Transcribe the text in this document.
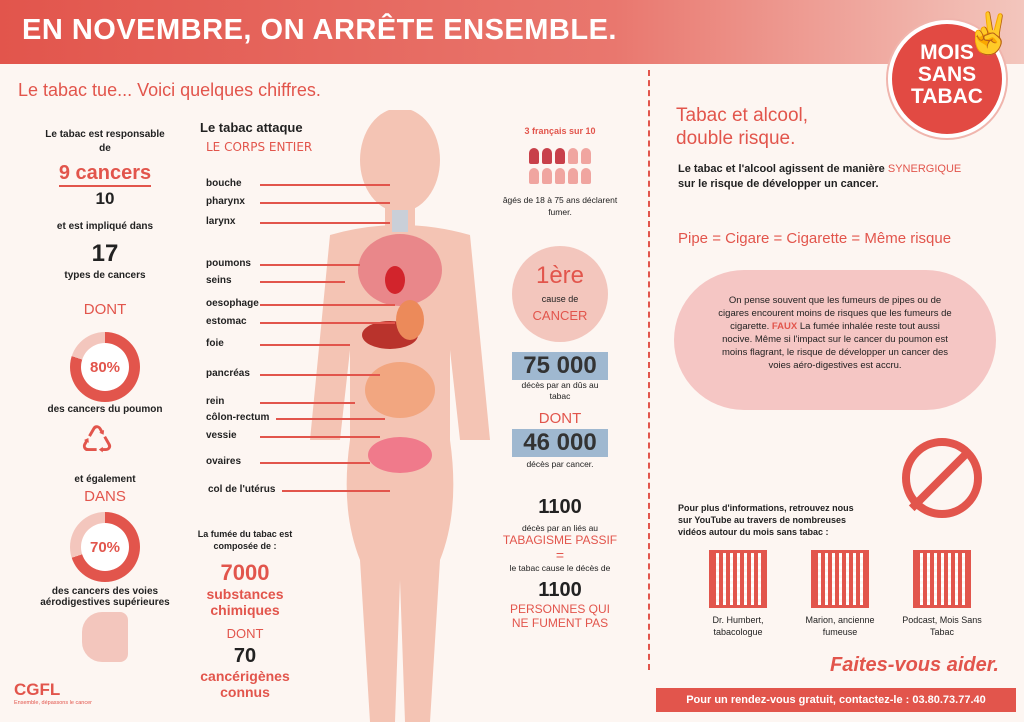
EN NOVEMBRE, ON ARRÊTE ENSEMBLE.
MOIS
SANS
TABAC
✌
Le tabac tue... Voici quelques chiffres.
Le tabac est responsable de
9 cancers
10
et est impliqué dans
17
types de cancers
DONT
80%
des cancers du poumon
♺
et également
DANS
70%
des cancers des voies aérodigestives supérieures
Le tabac attaque
LE CORPS ENTIER
bouche
pharynx
larynx
poumons
seins
oesophage
estomac
foie
pancréas
rein
côlon-rectum
vessie
ovaires
col de l'utérus
La fumée du tabac est composée de :
7000
substances chimiques
DONT
70
cancérigènes connus
3 français sur 10
âgés de 18 à 75 ans déclarent fumer.
1ère
cause de
CANCER
75 000
décès par an dûs au tabac
DONT
46 000
décès par cancer.
1100
décès par an liés au
TABAGISME PASSIF
=
le tabac cause le décès de
1100
PERSONNES QUI NE FUMENT PAS
Tabac et alcool,
double risque.
Le tabac et l'alcool agissent de manière SYNERGIQUE sur le risque de développer un cancer.
Pipe = Cigare = Cigarette = Même risque
On pense souvent que les fumeurs de pipes ou de cigares encourent moins de risques que les fumeurs de cigarette. FAUX La fumée inhalée reste tout aussi nocive. Même si l'impact sur le cancer du poumon est moins flagrant, le risque de développer un cancer des voies aéro-digestives est accru.
Pour plus d'informations, retrouvez nous sur YouTube au travers de nombreuses vidéos autour du mois sans tabac :
Dr. Humbert, tabacologue
Marion, ancienne fumeuse
Podcast, Mois Sans Tabac
Faites-vous aider.
Pour un rendez-vous gratuit, contactez-le : 03.80.73.77.40
CGFL
Ensemble, dépassons le cancer
